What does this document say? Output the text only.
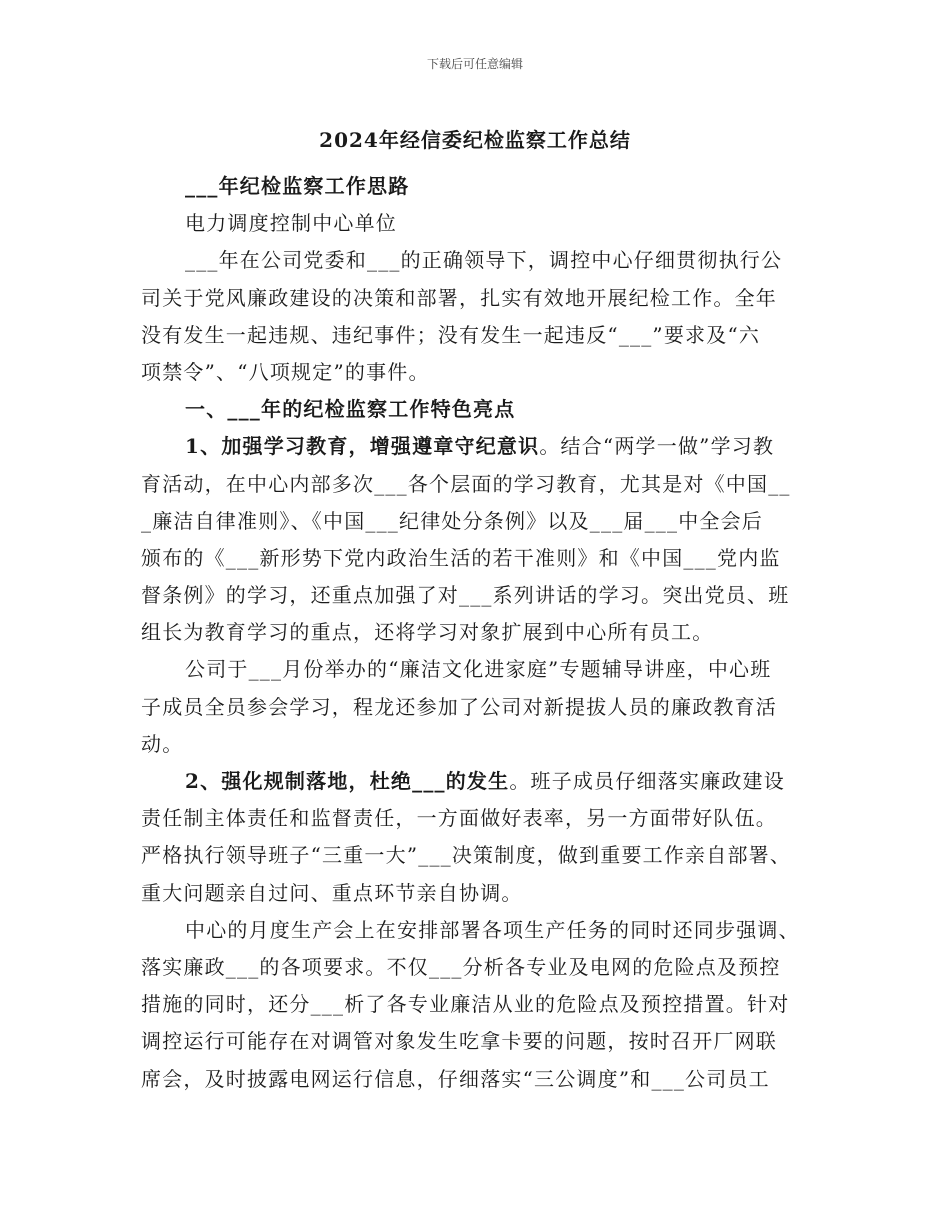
下载后可任意编辑
2024年经信委纪检监察工作总结
___年纪检监察工作思路
电力调度控制中心单位
___年在公司党委和___的正确领导下，调控中心仔细贯彻执行公
司关于党风廉政建设的决策和部署，扎实有效地开展纪检工作。全年
没有发生一起违规、违纪事件；没有发生一起违反“___”要求及“六
项禁令”、“八项规定”的事件。
一、___年的纪检监察工作特色亮点
1、加强学习教育，增强遵章守纪意识。结合“两学一做”学习教
育活动，在中心内部多次___各个层面的学习教育，尤其是对《中国__
_廉洁自律准则》、《中国___纪律处分条例》以及___届___中全会后
颁布的《___新形势下党内政治生活的若干准则》和《中国___党内监
督条例》的学习，还重点加强了对___系列讲话的学习。突出党员、班
组长为教育学习的重点，还将学习对象扩展到中心所有员工。
公司于___月份举办的“廉洁文化进家庭”专题辅导讲座，中心班
子成员全员参会学习，程龙还参加了公司对新提拔人员的廉政教育活
动。
2、强化规制落地，杜绝___的发生。班子成员仔细落实廉政建设
责任制主体责任和监督责任，一方面做好表率，另一方面带好队伍。
严格执行领导班子“三重一大”___决策制度，做到重要工作亲自部署、
重大问题亲自过问、重点环节亲自协调。
中心的月度生产会上在安排部署各项生产任务的同时还同步强调、
落实廉政___的各项要求。不仅___分析各专业及电网的危险点及预控
措施的同时，还分___析了各专业廉洁从业的危险点及预控措置。针对
调控运行可能存在对调管对象发生吃拿卡要的问题，按时召开厂网联
席会，及时披露电网运行信息，仔细落实“三公调度”和___公司员工
